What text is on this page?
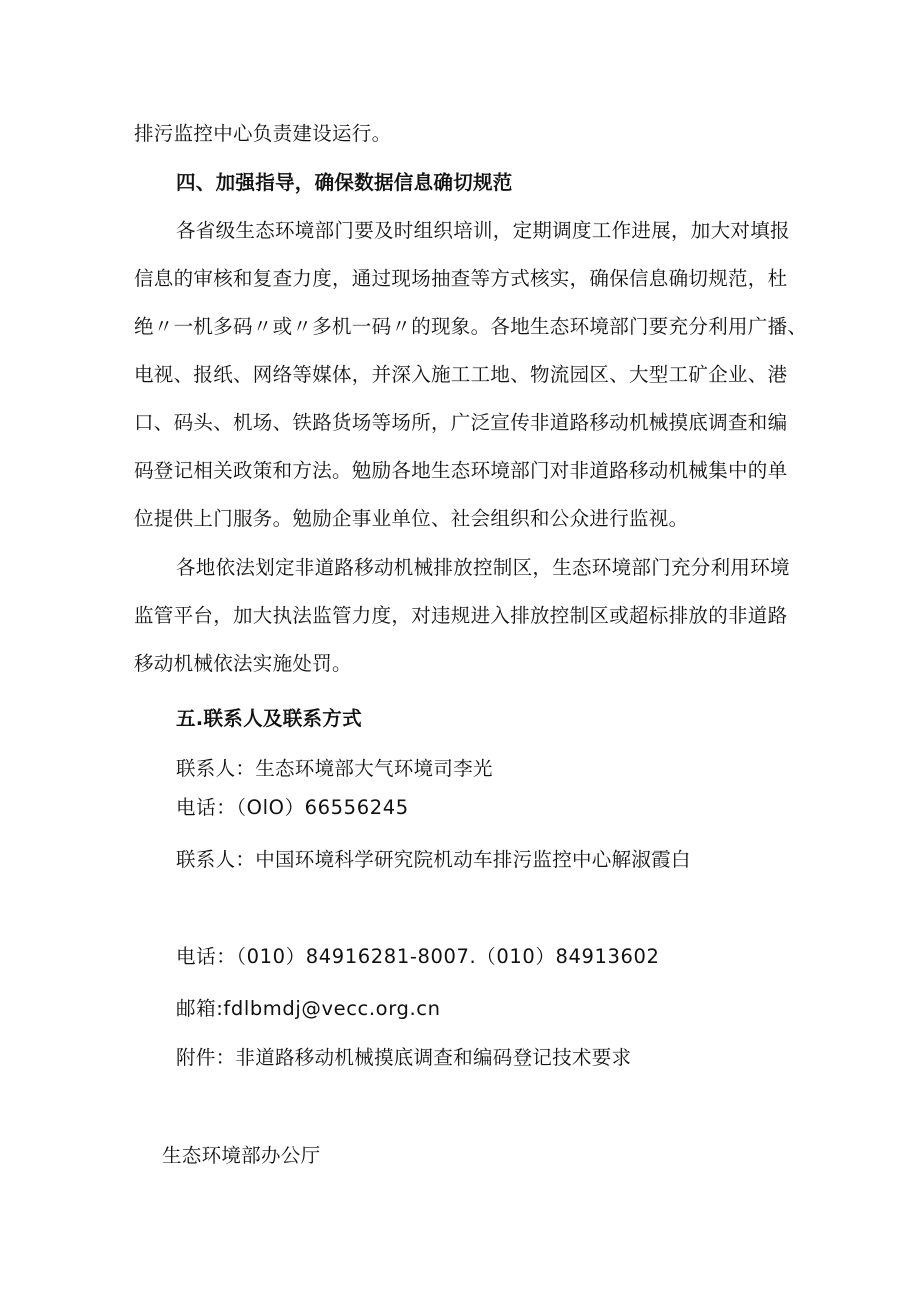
排污监控中心负责建设运行。
四、加强指导，确保数据信息确切规范
各省级生态环境部门要及时组织培训，定期调度工作进展，加大对填报
信息的审核和复查力度，通过现场抽查等方式核实，确保信息确切规范，杜
绝〃一机多码〃或〃多机一码〃的现象。各地生态环境部门要充分利用广播、
电视、报纸、网络等媒体，并深入施工工地、物流园区、大型工矿企业、港
口、码头、机场、铁路货场等场所，广泛宣传非道路移动机械摸底调查和编
码登记相关政策和方法。勉励各地生态环境部门对非道路移动机械集中的单
位提供上门服务。勉励企事业单位、社会组织和公众进行监视。
各地依法划定非道路移动机械排放控制区，生态环境部门充分利用环境
监管平台，加大执法监管力度，对违规进入排放控制区或超标排放的非道路
移动机械依法实施处罚。
五.联系人及联系方式
联系人：生态环境部大气环境司李光
电话：（OlO）66556245
联系人：中国环境科学研究院机动车排污监控中心解淑霞白
电话：（010）84916281-8007.（010）84913602
邮箱:fdlbmdj@vecc.org.cn
附件：非道路移动机械摸底调查和编码登记技术要求
生态环境部办公厅
